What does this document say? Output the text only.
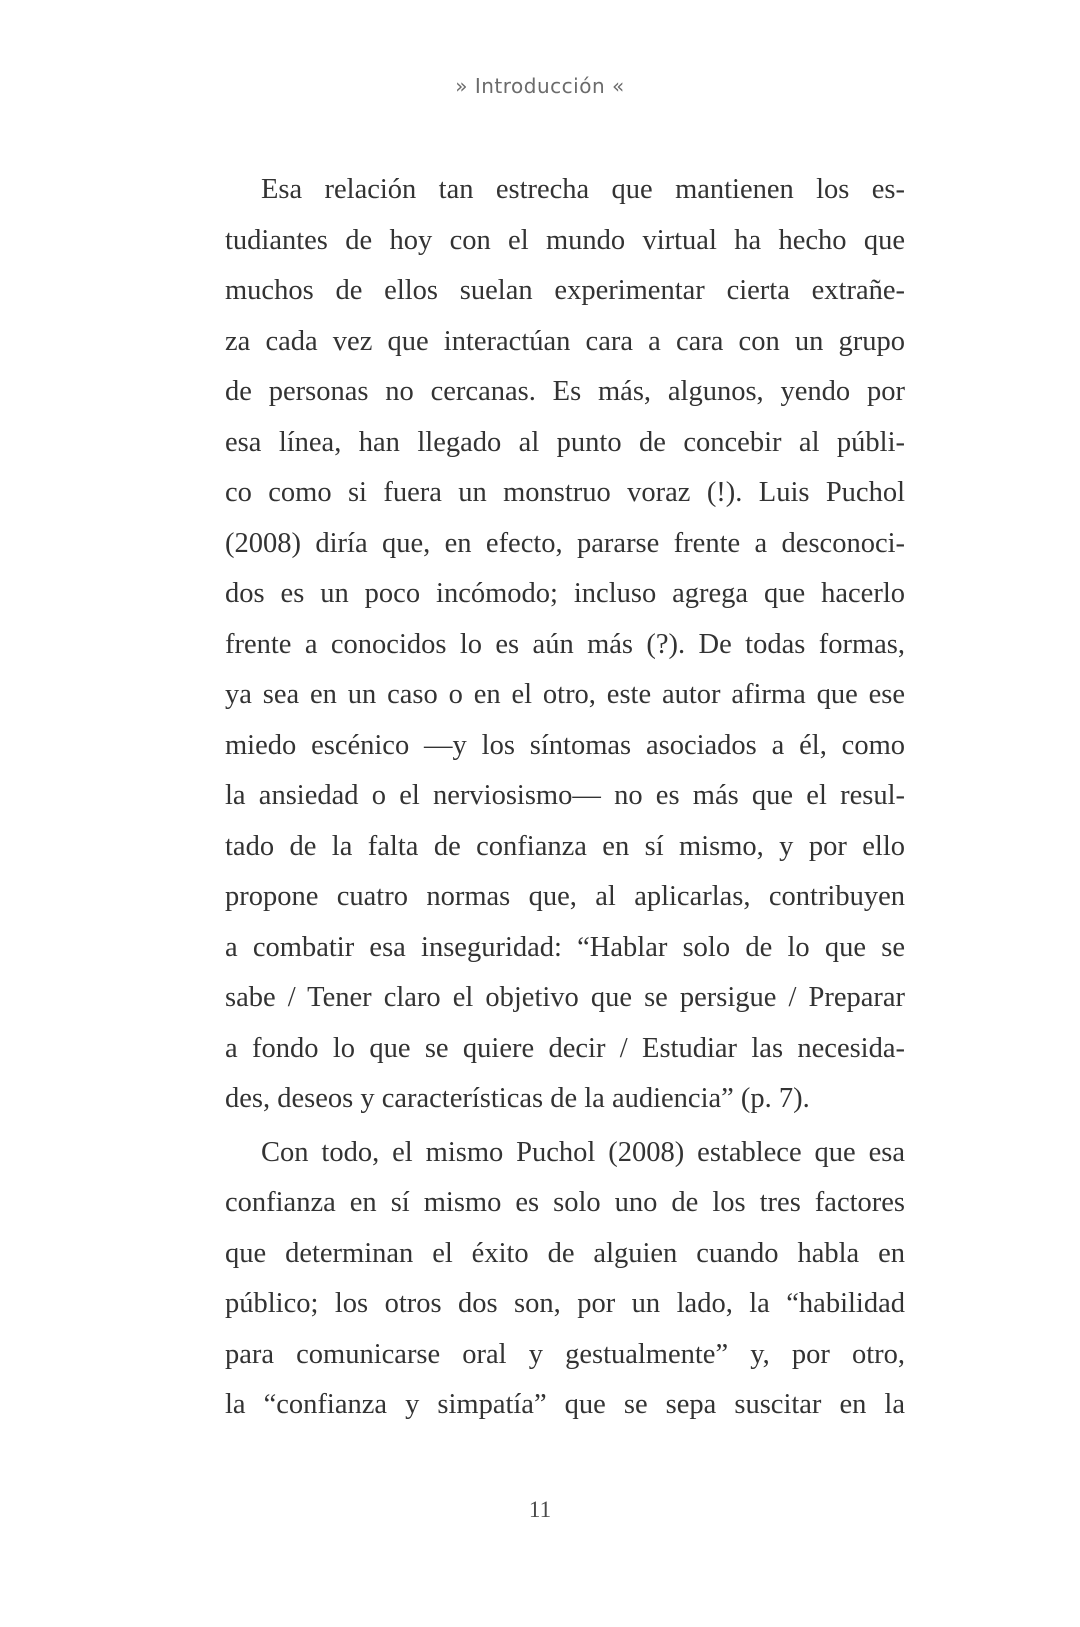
» Introducción «
Esa relación tan estrecha que mantienen los es-
tudiantes de hoy con el mundo virtual ha hecho que
muchos de ellos suelan experimentar cierta extrañe-
za cada vez que interactúan cara a cara con un grupo
de personas no cercanas. Es más, algunos, yendo por
esa línea, han llegado al punto de concebir al públi-
co como si fuera un monstruo voraz (!). Luis Puchol
(2008) diría que, en efecto, pararse frente a desconoci-
dos es un poco incómodo; incluso agrega que hacerlo
frente a conocidos lo es aún más (?). De todas formas,
ya sea en un caso o en el otro, este autor afirma que ese
miedo escénico —y los síntomas asociados a él, como
la ansiedad o el nerviosismo— no es más que el resul-
tado de la falta de confianza en sí mismo, y por ello
propone cuatro normas que, al aplicarlas, contribuyen
a combatir esa inseguridad: “Hablar solo de lo que se
sabe / Tener claro el objetivo que se persigue / Preparar
a fondo lo que se quiere decir / Estudiar las necesida-
des, deseos y características de la audiencia” (p. 7).
Con todo, el mismo Puchol (2008) establece que esa
confianza en sí mismo es solo uno de los tres factores
que determinan el éxito de alguien cuando habla en
público; los otros dos son, por un lado, la “habilidad
para comunicarse oral y gestualmente” y, por otro,
la “confianza y simpatía” que se sepa suscitar en la
11
